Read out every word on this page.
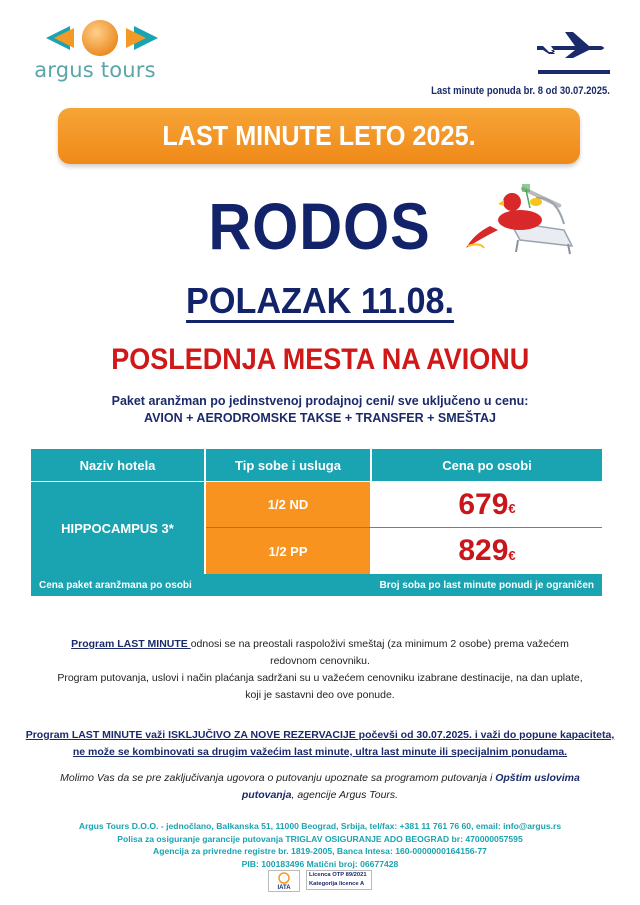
argus tours
Last minute ponuda br. 8 od 30.07.2025.
LAST MINUTE LETO 2025.
RODOS
POLAZAK 11.08.
POSLEDNJA MESTA NA AVIONU
Paket aranžman po jedinstvenoj prodajnoj ceni/ sve uključeno u cenu:
AVION + AERODROMSKE TAKSE + TRANSFER + SMEŠTAJ
Naziv hotela	Tip sobe i usluga	Cena po osobi
HIPPOCAMPUS 3*
1/2 ND	679 €
1/2 PP	829 €
Cena paket aranžmana po osobi	Broj soba po last minute ponudi je ograničen
Program LAST MINUTE odnosi se na preostali raspoloživi smeštaj (za minimum 2 osobe) prema važećem
redovnom cenovniku.
Program putovanja, uslovi i način plaćanja sadržani su u važećem cenovniku izabrane destinacije, na dan uplate,
koji je sastavni deo ove ponude.
Program LAST MINUTE važi ISKLJUČIVO ZA NOVE REZERVACIJE počevši od 30.07.2025. i važi do popune kapaciteta,
ne može se kombinovati sa drugim važećim last minute, ultra last minute ili specijalnim ponudama.
Molimo Vas da se pre zaključivanja ugovora o putovanju upoznate sa programom putovanja i Opštim uslovima
putovanja, agencije Argus Tours.
Argus Tours D.O.O. - jednočlano, Balkanska 51, 11000 Beograd, Srbija, tel/fax: +381 11 761 76 60, email: info@argus.rs
Polisa za osiguranje garancije putovanja TRIGLAV OSIGURANJE ADO BEOGRAD br: 470000057595
Agencija za privredne registre br. 1819-2005, Banca Intesa: 160-0000000164156-77
PIB: 100183496 Matični broj: 06677428
IATA
Licenca OTP 89/2021
Kategorija licence A
